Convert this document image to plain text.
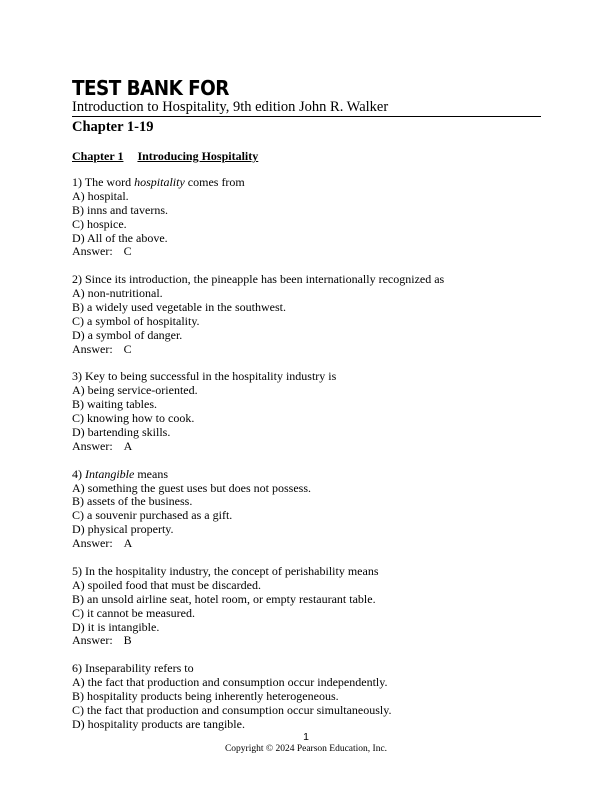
TEST BANK FOR
Introduction to Hospitality, 9th edition John R. Walker
Chapter 1-19
Chapter 1 Introducing Hospitality
1) The word hospitality comes from
A) hospital.
B) inns and taverns.
C) hospice.
D) All of the above.
Answer: C
2) Since its introduction, the pineapple has been internationally recognized as
A) non-nutritional.
B) a widely used vegetable in the southwest.
C) a symbol of hospitality.
D) a symbol of danger.
Answer: C
3) Key to being successful in the hospitality industry is
A) being service-oriented.
B) waiting tables.
C) knowing how to cook.
D) bartending skills.
Answer: A
4) Intangible means
A) something the guest uses but does not possess.
B) assets of the business.
C) a souvenir purchased as a gift.
D) physical property.
Answer: A
5) In the hospitality industry, the concept of perishability means
A) spoiled food that must be discarded.
B) an unsold airline seat, hotel room, or empty restaurant table.
C) it cannot be measured.
D) it is intangible.
Answer: B
6) Inseparability refers to
A) the fact that production and consumption occur independently.
B) hospitality products being inherently heterogeneous.
C) the fact that production and consumption occur simultaneously.
D) hospitality products are tangible.
1
Copyright © 2024 Pearson Education, Inc.
